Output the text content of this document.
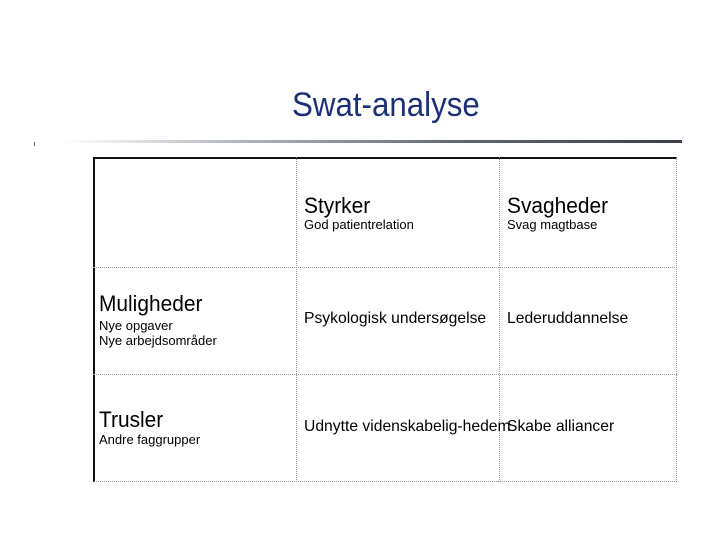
Swat-analyse
Styrker
God patientrelation
Svagheder
Svag magtbase
Muligheder
Nye opgaver
Nye arbejdsområder
Psykologisk undersøgelse Lederuddannelse
Trusler
Andre faggrupper
Udnytte videnskabelig-hedem
Skabe alliancer
